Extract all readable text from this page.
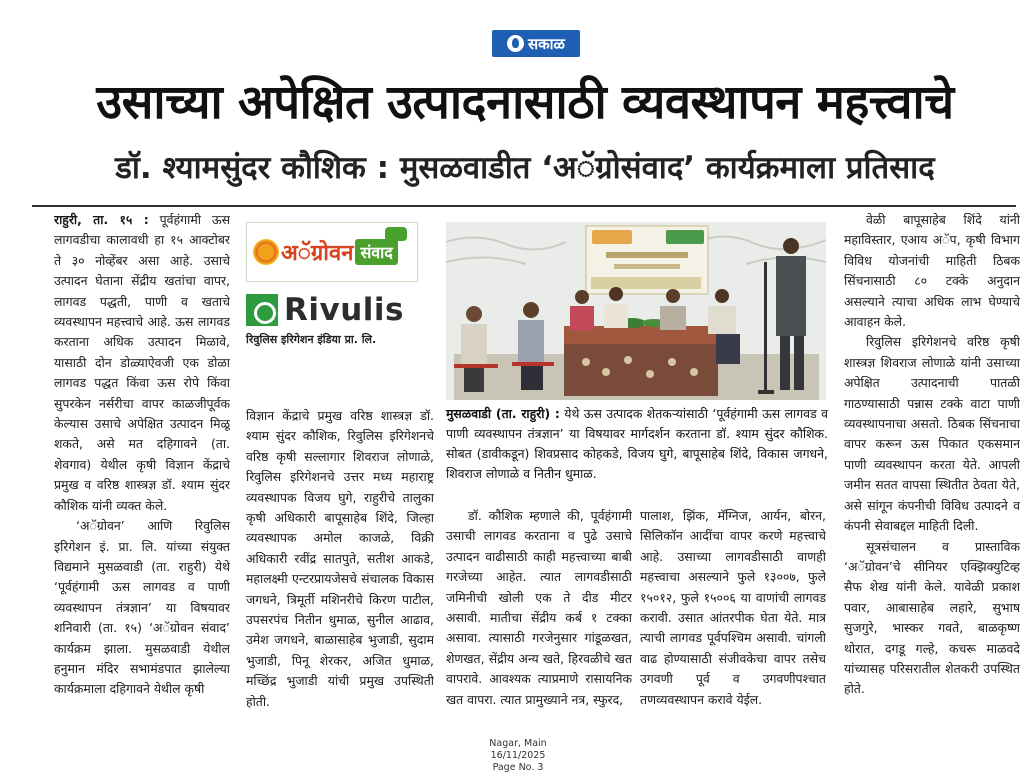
सकाळ
उसाच्या अपेक्षित उत्पादनासाठी व्यवस्थापन महत्त्वाचे
डॉ. श्यामसुंदर कौशिक : मुसळवाडीत ‘अॅग्रोसंवाद’ कार्यक्रमाला प्रतिसाद

राहुरी, ता. १५ : पूर्वहंगामी ऊस लागवडीचा कालावधी हा १५ आक्टोबर ते ३० नोव्हेंबर असा आहे. उसाचे उत्पादन घेताना सेंद्रीय खतांचा वापर, लागवड पद्धती, पाणी व खताचे व्यवस्थापन महत्त्वाचे आहे. ऊस लागवड करताना अधिक उत्पादन मिळावे, यासाठी दोन डोळ्याऐवजी एक डोळा लागवड पद्धत किंवा ऊस रोपे किंवा सुपरकेन नर्सरीचा वापर काळजीपूर्वक केल्यास उसाचे अपेक्षित उत्पादन मिळू शकते, असे मत दहिगावने (ता. शेवगाव) येथील कृषी विज्ञान केंद्राचे प्रमुख व वरिष्ठ शास्त्रज्ञ डॉ. श्याम सुंदर कौशिक यांनी व्यक्त केले.

‘अॅग्रोवन’ आणि रिवुलिस इरिगेशन इं. प्रा. लि. यांच्या संयुक्त विद्यमाने मुसळवाडी (ता. राहुरी) येथे ‘पूर्वहंगामी ऊस लागवड व पाणी व्यवस्थापन तंत्रज्ञान’ या विषयावर शनिवारी (ता. १५) ‘अॅग्रोवन संवाद’ कार्यक्रम झाला. मुसळवाडी येथील हनुमान मंदिर सभामंडपात झालेल्या कार्यक्रमाला दहिगावने येथील कृषी

अॅग्रोवन संवाद
Rivulis
रिवुलिस इरिगेशन इंडिया प्रा. लि.

विज्ञान केंद्राचे प्रमुख वरिष्ठ शास्त्रज्ञ डॉ. श्याम सुंदर कौशिक, रिवुलिस इरिगेशनचे वरिष्ठ कृषी सल्लागार शिवराज लोणाळे, रिवुलिस इरिगेशनचे उत्तर मध्य महाराष्ट्र व्यवस्थापक विजय घुगे, राहुरीचे तालुका कृषी अधिकारी बापूसाहेब शिंदे, जिल्हा व्यवस्थापक अमोल काजळे, विक्री अधिकारी रवींद्र सातपुते, सतीश आकडे, महालक्ष्मी एन्टरप्रायजेसचे संचालक विकास जगधने, त्रिमूर्ती मशिनरीचे किरण पाटील, उपसरपंच नितीन धुमाळ, सुनील आढाव, उमेश जगधने, बाळासाहेब भुजाडी, सुदाम भुजाडी, पिनू शेरकर, अजित धुमाळ, मच्छिंद्र भुजाडी यांची प्रमुख उपस्थिती होती.

मुसळवाडी (ता. राहुरी) : येथे ऊस उत्पादक शेतकऱ्यांसाठी ‘पूर्वहंगामी ऊस लागवड व पाणी व्यवस्थापन तंत्रज्ञान’ या विषयावर मार्गदर्शन करताना डॉ. श्याम सुंदर कौशिक. सोबत (डावीकडून) शिवप्रसाद कोहकडे, विजय घुगे, बापूसाहेब शिंदे, विकास जगधने, शिवराज लोणाळे व नितीन धुमाळ.

डॉ. कौशिक म्हणाले की, पूर्वहंगामी उसाची लागवड करताना व पुढे उसाचे उत्पादन वाढीसाठी काही महत्त्वाच्या बाबी गरजेच्या आहेत. त्यात लागवडीसाठी जमिनीची खोली एक ते दीड मीटर असावी. मातीचा सेंद्रीय कर्ब १ टक्का असावा. त्यासाठी गरजेनुसार गांडूळखत, शेणखत, सेंद्रीय अन्य खते, हिरवळीचे खत वापरावे. आवश्यक त्याप्रमाणे रासायनिक खत वापरा. त्यात प्रामुख्याने नत्र, स्फुरद,

पालाश, झिंक, मॅग्निज, आर्यन, बोरन, सिलिकॉन आदींचा वापर करणे महत्त्वाचे आहे. उसाच्या लागवडीसाठी वाणही महत्त्वाचा असल्याने फुले १३००७, फुले १५०१२, फुले १५००६ या वाणांची लागवड करावी. उसात आंतरपीक घेता येते. मात्र त्याची लागवड पूर्वपश्चिम असावी. चांगली वाढ होण्यासाठी संजीवकेचा वापर तसेच उगवणी पूर्व व उगवणीपश्चात तणव्यवस्थापन करावे येईल.

वेळी बापूसाहेब शिंदे यांनी महाविस्तार, एआय अॅप, कृषी विभाग विविध योजनांची माहिती ठिबक सिंचनासाठी ८० टक्के अनुदान असल्याने त्याचा अधिक लाभ घेण्याचे आवाहन केले.

रिवुलिस इरिगेशनचे वरिष्ठ कृषी शास्त्रज्ञ शिवराज लोणाळे यांनी उसाच्या अपेक्षित उत्पादनाची पातळी गाठण्यासाठी पन्नास टक्के वाटा पाणी व्यवस्थापनाचा असतो. ठिबक सिंचनाचा वापर करून ऊस पिकात एकसमान पाणी व्यवस्थापन करता येते. आपली जमीन सतत वापसा स्थितीत ठेवता येते, असे सांगून कंपनीची विविध उत्पादने व कंपनी सेवाबद्दल माहिती दिली.

सूत्रसंचालन व प्रास्ताविक ‘अॅग्रोवन’चे सीनियर एक्झिक्युटिव्ह सैफ शेख यांनी केले. यावेळी प्रकाश पवार, आबासाहेब लहारे, सुभाष सुजगुरे, भास्कर गवते, बाळकृष्ण थोरात, दगडू गल्हे, कचरू माळवदे यांच्यासह परिसरातील शेतकरी उपस्थित होते.

Nagar, Main
16/11/2025 Page No. 3
